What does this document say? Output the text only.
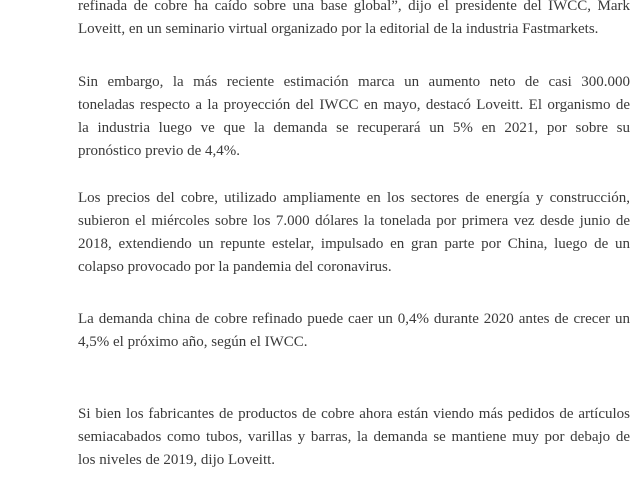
refinada de cobre ha caído sobre una base global”, dijo el presidente del IWCC, Mark
Loveitt, en un seminario virtual organizado por la editorial de la industria Fastmarkets.

Sin embargo, la más reciente estimación marca un aumento neto de casi 300.000
toneladas respecto a la proyección del IWCC en mayo, destacó Loveitt. El organismo de
la industria luego ve que la demanda se recuperará un 5% en 2021, por sobre su
pronóstico previo de 4,4%.

Los precios del cobre, utilizado ampliamente en los sectores de energía y construcción,
subieron el miércoles sobre los 7.000 dólares la tonelada por primera vez desde junio de
2018, extendiendo un repunte estelar, impulsado en gran parte por China, luego de un
colapso provocado por la pandemia del coronavirus.

La demanda china de cobre refinado puede caer un 0,4% durante 2020 antes de crecer un
4,5% el próximo año, según el IWCC.

Si bien los fabricantes de productos de cobre ahora están viendo más pedidos de artículos
semiacabados como tubos, varillas y barras, la demanda se mantiene muy por debajo de
los niveles de 2019, dijo Loveitt.
